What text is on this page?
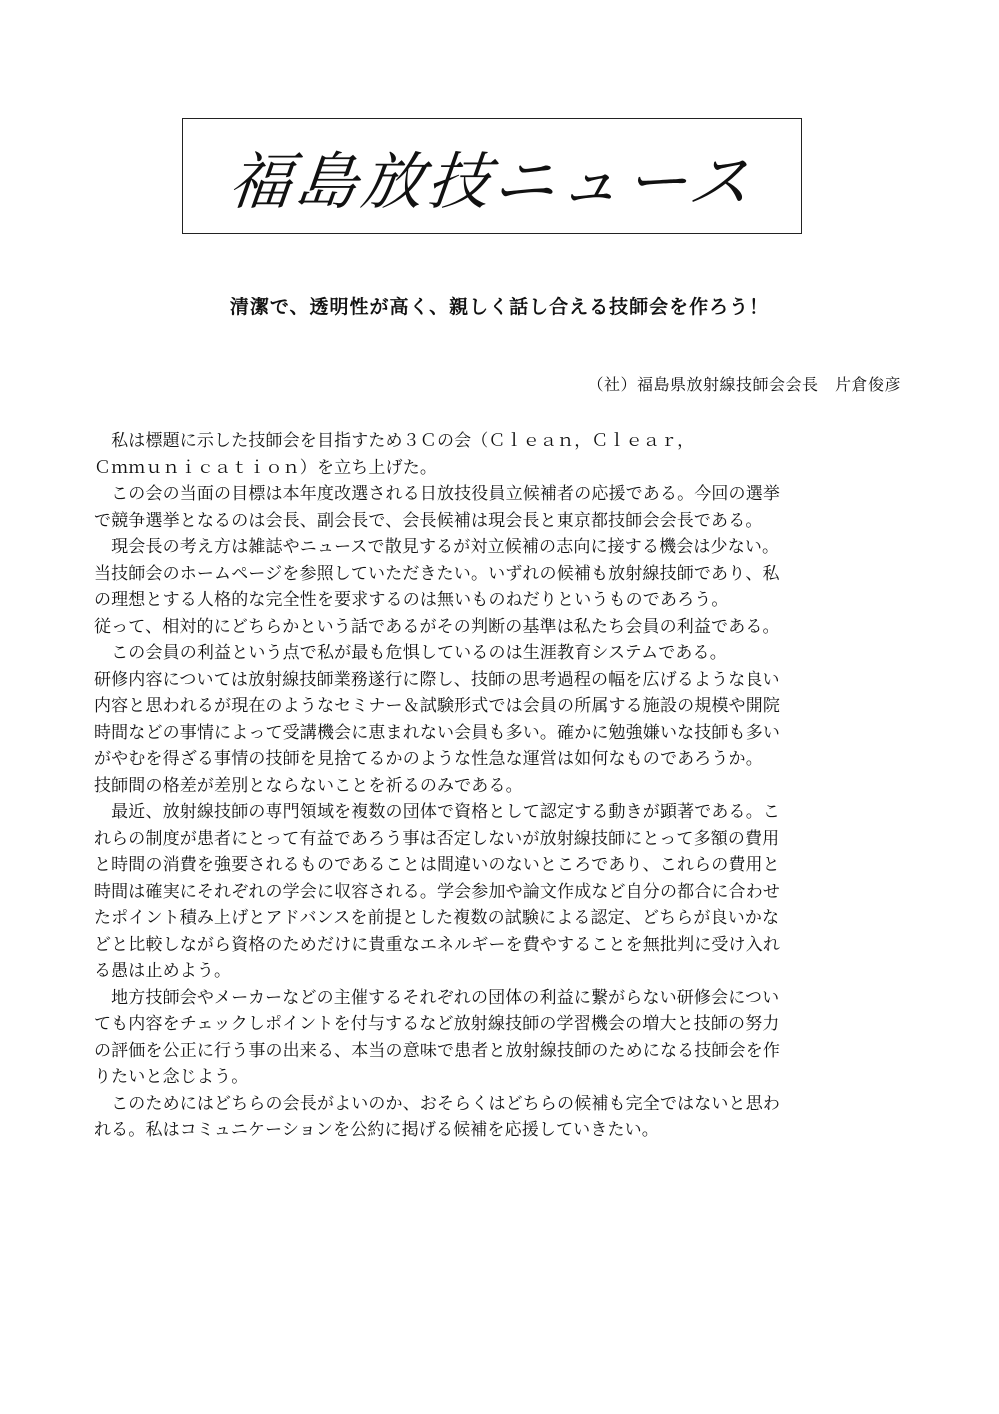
福島放技ニュース
清潔で、透明性が高く、親しく話し合える技師会を作ろう！
（社）福島県放射線技師会会長　片倉俊彦
　私は標題に示した技師会を目指すため３Ｃの会（Ｃｌｅａｎ，Ｃｌｅａｒ，
Ｃｍｍｕｎｉｃａｔｉｏｎ）を立ち上げた。
　この会の当面の目標は本年度改選される日放技役員立候補者の応援である。今回の選挙
で競争選挙となるのは会長、副会長で、会長候補は現会長と東京都技師会会長である。
　現会長の考え方は雑誌やニュースで散見するが対立候補の志向に接する機会は少ない。
当技師会のホームページを参照していただきたい。いずれの候補も放射線技師であり、私
の理想とする人格的な完全性を要求するのは無いものねだりというものであろう。
従って、相対的にどちらかという話であるがその判断の基準は私たち会員の利益である。
　この会員の利益という点で私が最も危惧しているのは生涯教育システムである。
研修内容については放射線技師業務遂行に際し、技師の思考過程の幅を広げるような良い
内容と思われるが現在のようなセミナー＆試験形式では会員の所属する施設の規模や開院
時間などの事情によって受講機会に恵まれない会員も多い。確かに勉強嫌いな技師も多い
がやむを得ざる事情の技師を見捨てるかのような性急な運営は如何なものであろうか。
技師間の格差が差別とならないことを祈るのみである。
　最近、放射線技師の専門領域を複数の団体で資格として認定する動きが顕著である。こ
れらの制度が患者にとって有益であろう事は否定しないが放射線技師にとって多額の費用
と時間の消費を強要されるものであることは間違いのないところであり、これらの費用と
時間は確実にそれぞれの学会に収容される。学会参加や論文作成など自分の都合に合わせ
たポイント積み上げとアドバンスを前提とした複数の試験による認定、どちらが良いかな
どと比較しながら資格のためだけに貴重なエネルギーを費やすることを無批判に受け入れ
る愚は止めよう。
　地方技師会やメーカーなどの主催するそれぞれの団体の利益に繋がらない研修会につい
ても内容をチェックしポイントを付与するなど放射線技師の学習機会の増大と技師の努力
の評価を公正に行う事の出来る、本当の意味で患者と放射線技師のためになる技師会を作
りたいと念じよう。
　このためにはどちらの会長がよいのか、おそらくはどちらの候補も完全ではないと思わ
れる。私はコミュニケーションを公約に掲げる候補を応援していきたい。
